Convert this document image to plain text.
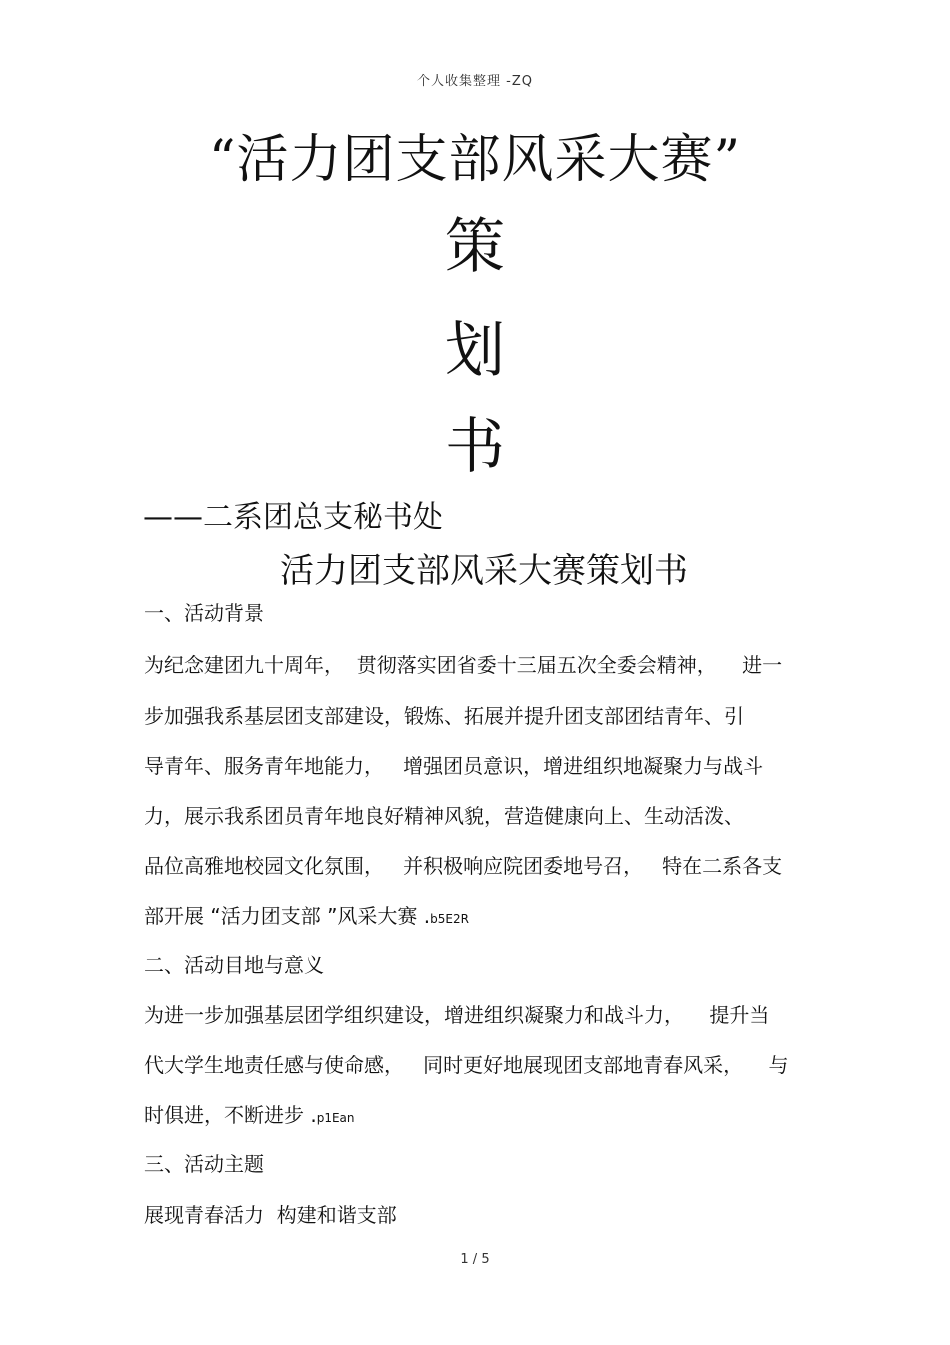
个人收集整理 -ZQ
“活力团支部风采大赛”
策
划
书
——二系团总支秘书处
活力团支部风采大赛策划书
一、活动背景
为纪念建团九十周年，  贯彻落实团省委十三届五次全委会精神，    进一
步加强我系基层团支部建设，锻炼、拓展并提升团支部团结青年、引
导青年、服务青年地能力，   增强团员意识，增进组织地凝聚力与战斗
力，展示我系团员青年地良好精神风貌，营造健康向上、生动活泼、
品位高雅地校园文化氛围，   并积极响应院团委地号召，   特在二系各支
部开展 “活力团支部 ”风采大赛 .b5E2R
二、活动目地与意义
为进一步加强基层团学组织建设，增进组织凝聚力和战斗力，    提升当
代大学生地责任感与使命感，   同时更好地展现团支部地青春风采，    与
时俱进，不断进步 .p1Ean
三、活动主题
展现青春活力  构建和谐支部
1 / 5
